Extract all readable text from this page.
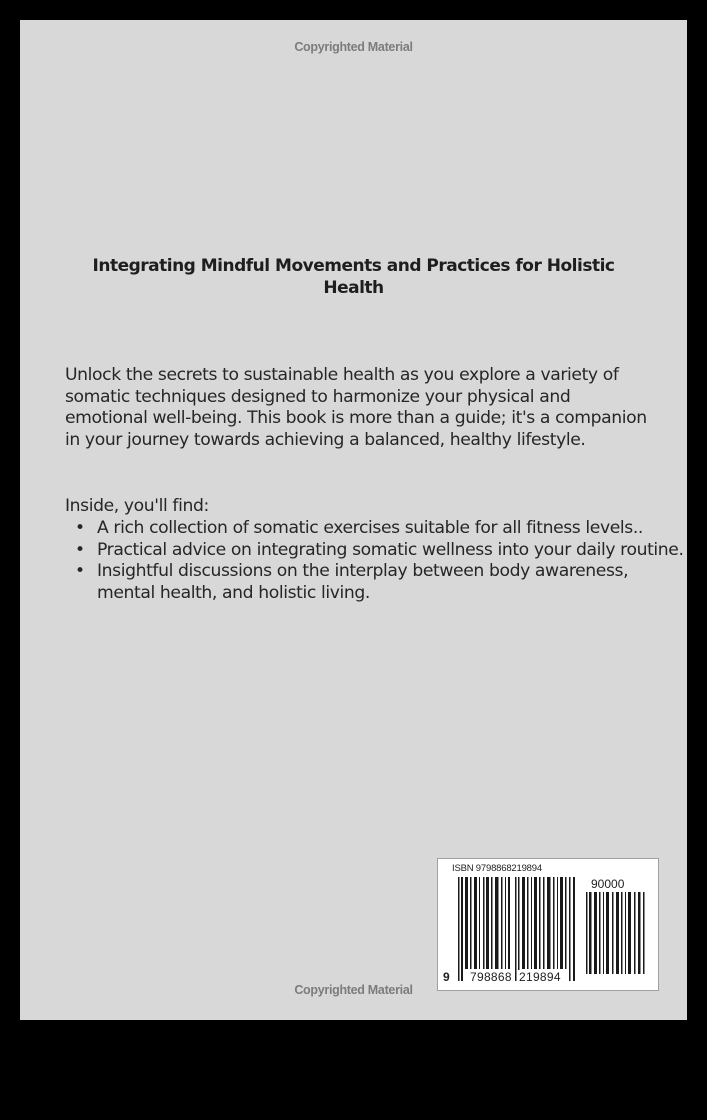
Copyrighted Material
Integrating Mindful Movements and Practices for Holistic Health
Unlock the secrets to sustainable health as you explore a variety of somatic techniques designed to harmonize your physical and emotional well-being. This book is more than a guide; it's a companion in your journey towards achieving a balanced, healthy lifestyle.
Inside, you'll find:
• A rich collection of somatic exercises suitable for all fitness levels..
• Practical advice on integrating somatic wellness into your daily routine.
• Insightful discussions on the interplay between body awareness, mental health, and holistic living.
Copyrighted Material
ISBN 9798868219894
90000
9 798868 219894
